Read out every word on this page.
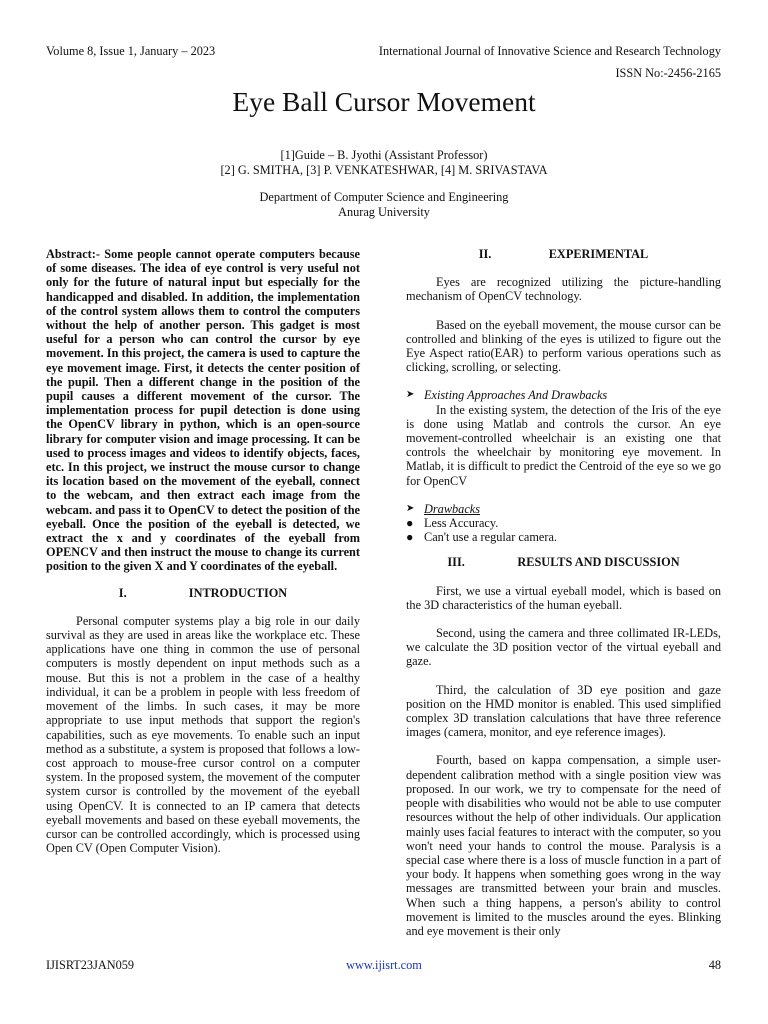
Volume 8, Issue 1, January – 2023	International Journal of Innovative Science and Research Technology
ISSN No:-2456-2165
Eye Ball Cursor Movement
[1]Guide – B. Jyothi (Assistant Professor)
[2] G. SMITHA, [3] P. VENKATESHWAR, [4] M. SRIVASTAVA
Department of Computer Science and Engineering
Anurag University

Abstract:- Some people cannot operate computers because of some diseases. The idea of eye control is very useful not only for the future of natural input but especially for the handicapped and disabled. In addition, the implementation of the control system allows them to control the computers without the help of another person. This gadget is most useful for a person who can control the cursor by eye movement. In this project, the camera is used to capture the eye movement image. First, it detects the center position of the pupil. Then a different change in the position of the pupil causes a different movement of the cursor. The implementation process for pupil detection is done using the OpenCV library in python, which is an open-source library for computer vision and image processing. It can be used to process images and videos to identify objects, faces, etc. In this project, we instruct the mouse cursor to change its location based on the movement of the eyeball, connect to the webcam, and then extract each image from the webcam. and pass it to OpenCV to detect the position of the eyeball. Once the position of the eyeball is detected, we extract the x and y coordinates of the eyeball from OPENCV and then instruct the mouse to change its current position to the given X and Y coordinates of the eyeball.

I.	INTRODUCTION

Personal computer systems play a big role in our daily survival as they are used in areas like the workplace etc. These applications have one thing in common the use of personal computers is mostly dependent on input methods such as a mouse. But this is not a problem in the case of a healthy individual, it can be a problem in people with less freedom of movement of the limbs. In such cases, it may be more appropriate to use input methods that support the region's capabilities, such as eye movements. To enable such an input method as a substitute, a system is proposed that follows a low-cost approach to mouse-free cursor control on a computer system. In the proposed system, the movement of the computer system cursor is controlled by the movement of the eyeball using OpenCV. It is connected to an IP camera that detects eyeball movements and based on these eyeball movements, the cursor can be controlled accordingly, which is processed using Open CV (Open Computer Vision).

II.	EXPERIMENTAL

Eyes are recognized utilizing the picture-handling mechanism of OpenCV technology.

Based on the eyeball movement, the mouse cursor can be controlled and blinking of the eyes is utilized to figure out the Eye Aspect ratio(EAR) to perform various operations such as clicking, scrolling, or selecting.

➤ Existing Approaches And Drawbacks

In the existing system, the detection of the Iris of the eye is done using Matlab and controls the cursor. An eye movement-controlled wheelchair is an existing one that controls the wheelchair by monitoring eye movement. In Matlab, it is difficult to predict the Centroid of the eye so we go for OpenCV

➤ Drawbacks
● Less Accuracy.
● Can't use a regular camera.
III.	RESULTS AND DISCUSSION

First, we use a virtual eyeball model, which is based on the 3D characteristics of the human eyeball.

Second, using the camera and three collimated IR-LEDs, we calculate the 3D position vector of the virtual eyeball and gaze.

Third, the calculation of 3D eye position and gaze position on the HMD monitor is enabled. This used simplified complex 3D translation calculations that have three reference images (camera, monitor, and eye reference images).

Fourth, based on kappa compensation, a simple user-dependent calibration method with a single position view was proposed. In our work, we try to compensate for the need of people with disabilities who would not be able to use computer resources without the help of other individuals. Our application mainly uses facial features to interact with the computer, so you won't need your hands to control the mouse. Paralysis is a special case where there is a loss of muscle function in a part of your body. It happens when something goes wrong in the way messages are transmitted between your brain and muscles. When such a thing happens, a person's ability to control movement is limited to the muscles around the eyes. Blinking and eye movement is their only

IJISRT23JAN059	www.ijisrt.com	48
